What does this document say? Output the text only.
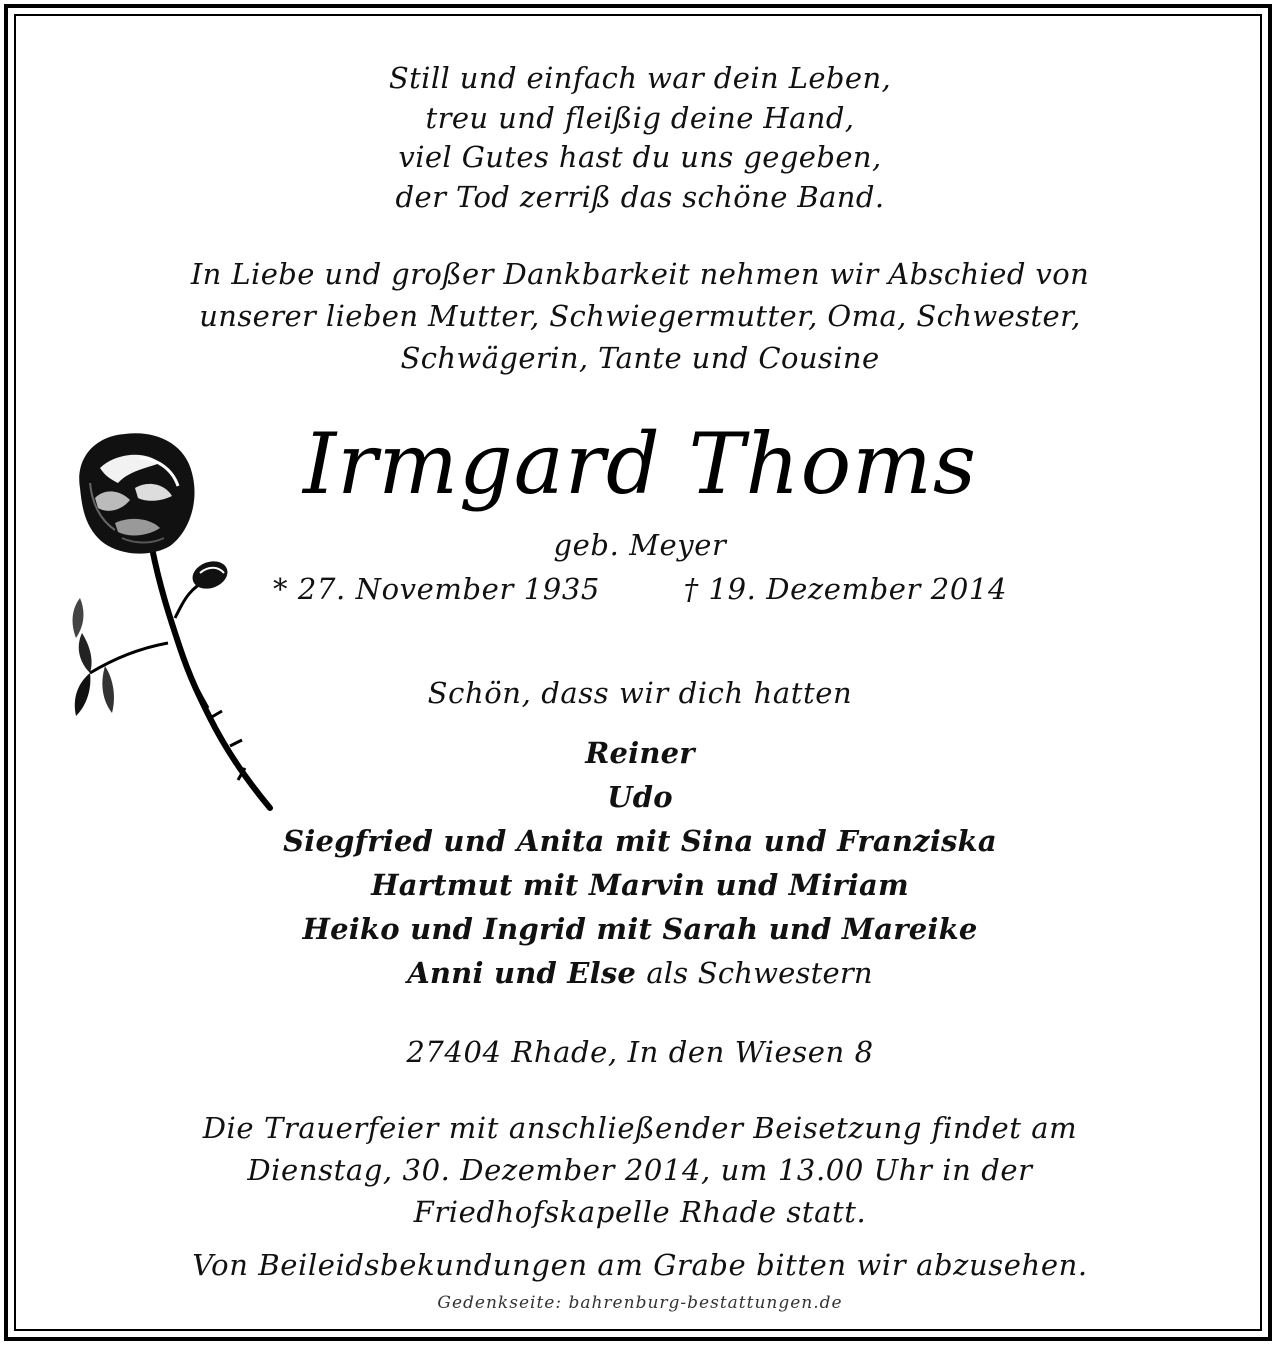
Still und einfach war dein Leben,
treu und fleißig deine Hand,
viel Gutes hast du uns gegeben,
der Tod zerriß das schöne Band.
In Liebe und großer Dankbarkeit nehmen wir Abschied von
unserer lieben Mutter, Schwiegermutter, Oma, Schwester,
Schwägerin, Tante und Cousine
Irmgard Thoms
geb. Meyer
* 27. November 1935	† 19. Dezember 2014
Schön, dass wir dich hatten
Reiner
Udo
Siegfried und Anita mit Sina und Franziska
Hartmut mit Marvin und Miriam
Heiko und Ingrid mit Sarah und Mareike
Anni und Else als Schwestern
27404 Rhade, In den Wiesen 8
Die Trauerfeier mit anschließender Beisetzung findet am
Dienstag, 30. Dezember 2014, um 13.00 Uhr in der
Friedhofskapelle Rhade statt.
Von Beileidsbekundungen am Grabe bitten wir abzusehen.
Gedenkseite: bahrenburg-bestattungen.de
